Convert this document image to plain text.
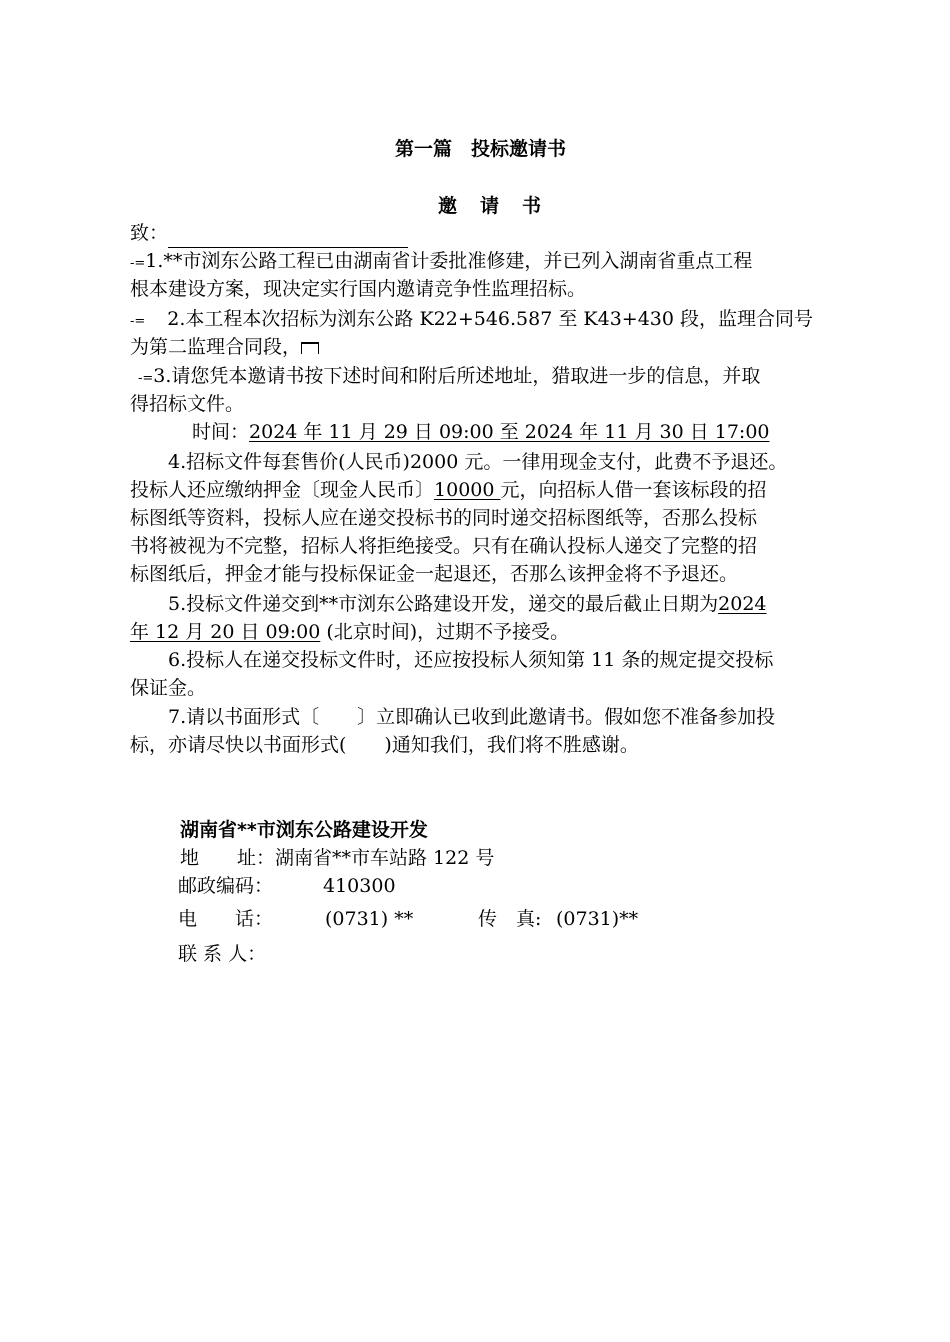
第一篇　投标邀请书
邀　请　书
致：
-=1.**市浏东公路工程已由湖南省计委批准修建，并已列入湖南省重点工程
根本建设方案，现决定实行国内邀请竞争性监理招标。
-= 2.本工程本次招标为浏东公路 K22+546.587 至 K43+430 段，监理合同号
为第二监理合同段，
-=3.请您凭本邀请书按下述时间和附后所述地址，猎取进一步的信息，并取
得招标文件。
时间：2024 年 11 月 29 日 09:00 至 2024 年 11 月 30 日 17:00
4.招标文件每套售价(人民币)2000 元。一律用现金支付，此费不予退还。
投标人还应缴纳押金〔现金人民币〕10000 元，向招标人借一套该标段的招
标图纸等资料，投标人应在递交投标书的同时递交招标图纸等，否那么投标
书将被视为不完整，招标人将拒绝接受。只有在确认投标人递交了完整的招
标图纸后，押金才能与投标保证金一起退还，否那么该押金将不予退还。
5.投标文件递交到**市浏东公路建设开发，递交的最后截止日期为2024
年 12 月 20 日 09:00 (北京时间)，过期不予接受。
6.投标人在递交投标文件时，还应按投标人须知第 11 条的规定提交投标
保证金。
7.请以书面形式〔　　〕立即确认已收到此邀请书。假如您不准备参加投
标，亦请尽快以书面形式(　　)通知我们，我们将不胜感谢。
湖南省**市浏东公路建设开发
地　　址：湖南省**市车站路 122 号
邮政编码：	410300
电　　话：	(0731) **	传　真: (0731)**
联 系 人：
